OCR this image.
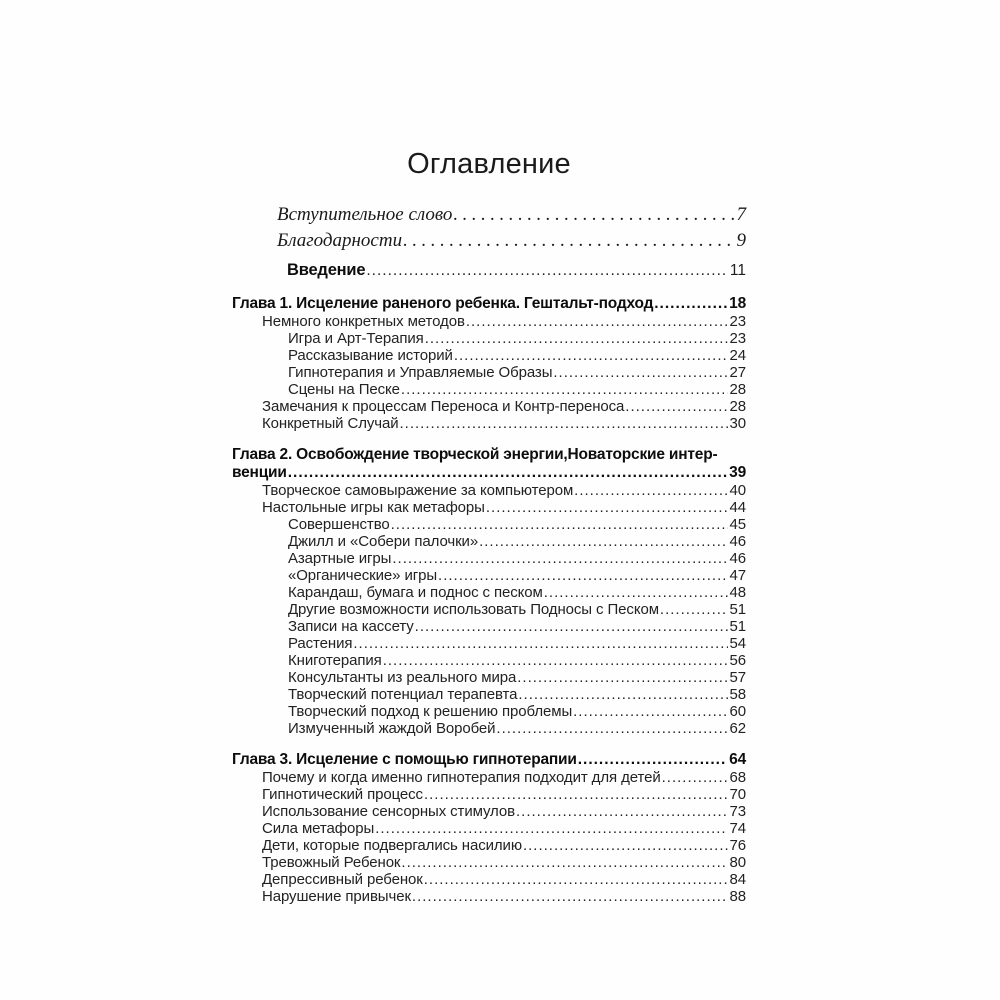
Оглавление
Вступительное слово .....	7
Благодарности .....	9
Введение .....	11
Глава 1. Исцеление раненого ребенка. Гештальт-подход .....	18
Немного конкретных методов .....	23
Игра и Арт-Терапия .....	23
Рассказывание историй .....	24
Гипнотерапия и Управляемые Образы .....	27
Сцены на Песке .....	28
Замечания к процессам Переноса и Контр-переноса .....	28
Конкретный Случай .....	30
Глава 2. Освобождение творческой энергии,Новаторские интер-
венции .....	39
Творческое самовыражение за компьютером .....	40
Настольные игры как метафоры .....	44
Совершенство .....	45
Джилл и «Собери палочки» .....	46
Азартные игры .....	46
«Органические» игры .....	47
Карандаш, бумага и поднос с песком .....	48
Другие возможности использовать Подносы с Песком .....	51
Записи на кассету .....	51
Растения .....	54
Книготерапия .....	56
Консультанты из реального мира .....	57
Творческий потенциал терапевта .....	58
Творческий подход к решению проблемы .....	60
Измученный жаждой Воробей .....	62
Глава 3. Исцеление с помощью гипнотерапии .....	64
Почему и когда именно гипнотерапия подходит для детей .....	68
Гипнотический процесс .....	70
Использование сенсорных стимулов .....	73
Сила метафоры .....	74
Дети, которые подвергались насилию .....	76
Тревожный Ребенок .....	80
Депрессивный ребенок .....	84
Нарушение привычек .....	88
